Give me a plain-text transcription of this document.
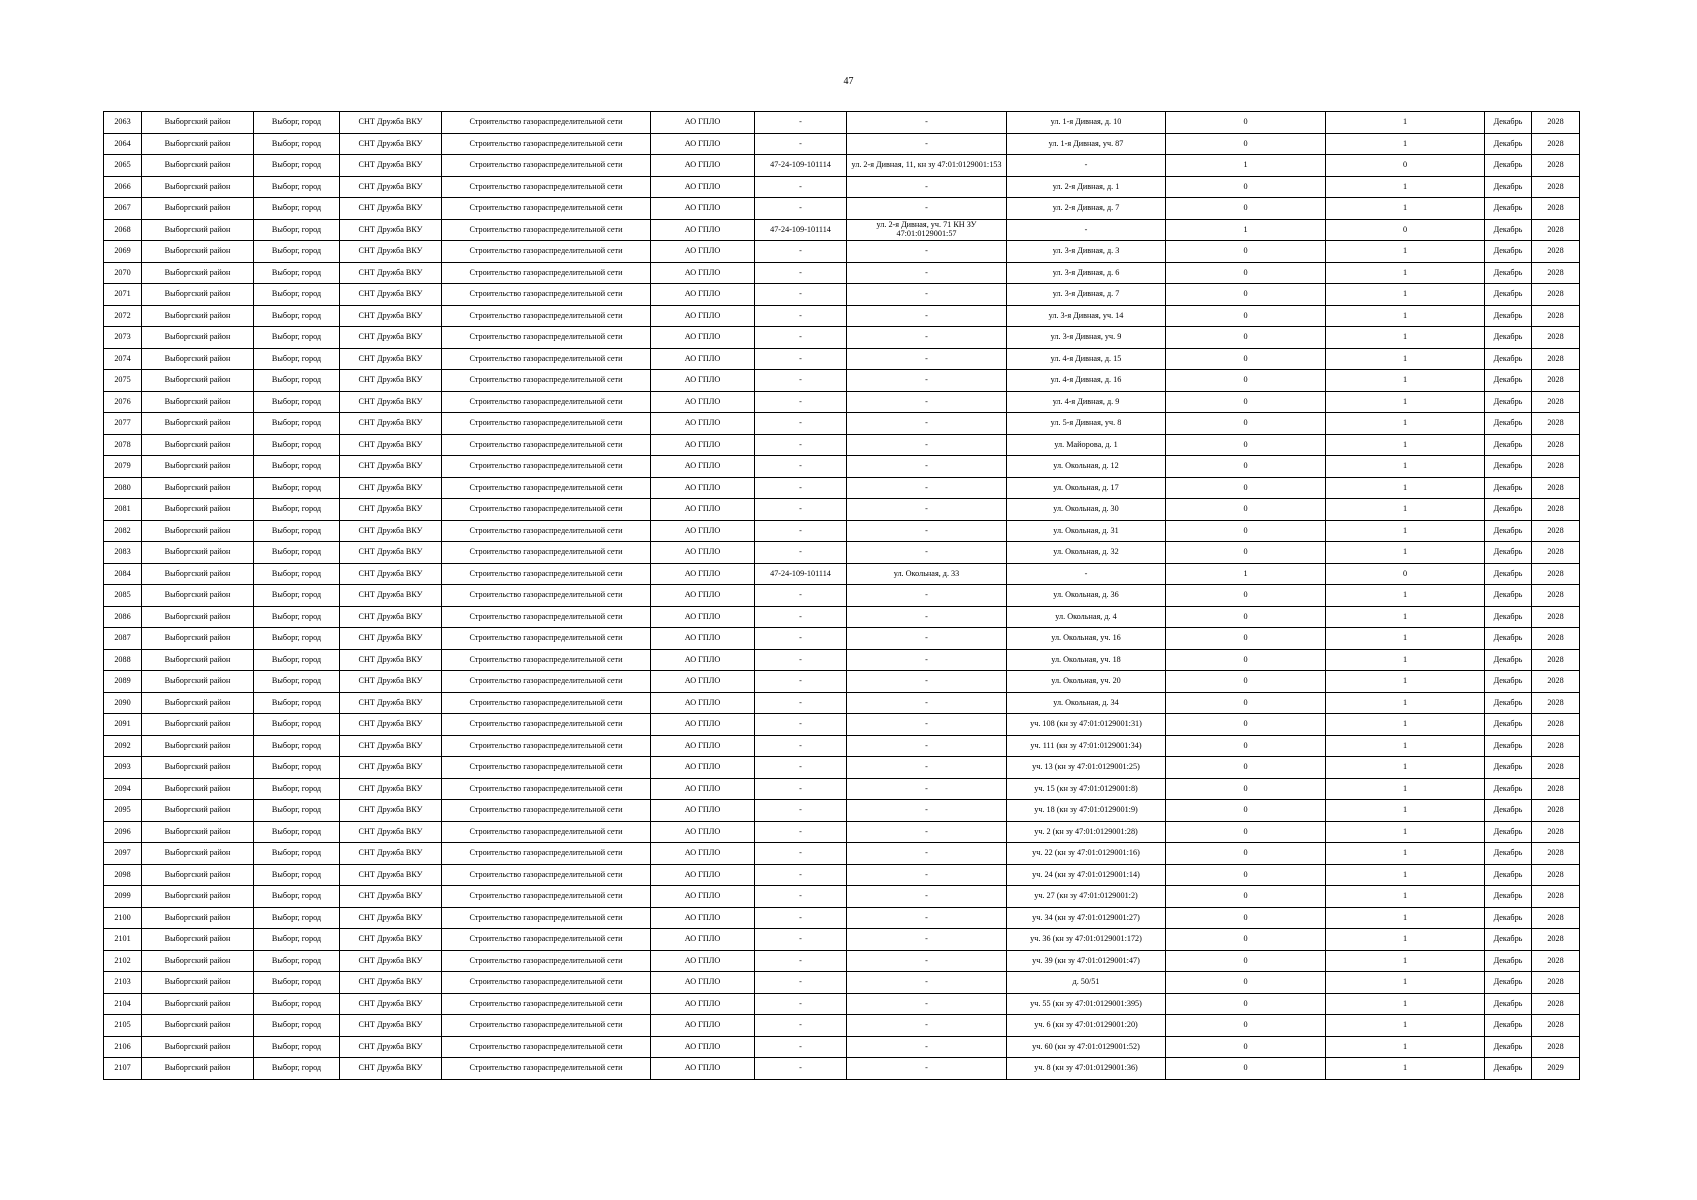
47
2063	Выборгский район	Выборг, город	СНТ Дружба ВКУ	Строительство газораспределительной сети	АО ГПЛО	-	-	ул. 1-я Дивная, д. 10	0	1	Декабрь	2028
2064	Выборгский район	Выборг, город	СНТ Дружба ВКУ	Строительство газораспределительной сети	АО ГПЛО	-	-	ул. 1-я Дивная, уч. 87	0	1	Декабрь	2028
2065	Выборгский район	Выборг, город	СНТ Дружба ВКУ	Строительство газораспределительной сети	АО ГПЛО	47-24-109-101114	ул. 2-я Дивная, 11, кн зу 47:01:0129001:153	-	1	0	Декабрь	2028
2066	Выборгский район	Выборг, город	СНТ Дружба ВКУ	Строительство газораспределительной сети	АО ГПЛО	-	-	ул. 2-я Дивная, д. 1	0	1	Декабрь	2028
2067	Выборгский район	Выборг, город	СНТ Дружба ВКУ	Строительство газораспределительной сети	АО ГПЛО	-	-	ул. 2-я Дивная, д. 7	0	1	Декабрь	2028
2068	Выборгский район	Выборг, город	СНТ Дружба ВКУ	Строительство газораспределительной сети	АО ГПЛО	47-24-109-101114	ул. 2-я Дивная, уч. 71 КН ЗУ 47:01:0129001:57	-	1	0	Декабрь	2028
2069	Выборгский район	Выборг, город	СНТ Дружба ВКУ	Строительство газораспределительной сети	АО ГПЛО	-	-	ул. 3-я Дивная, д. 3	0	1	Декабрь	2028
2070	Выборгский район	Выборг, город	СНТ Дружба ВКУ	Строительство газораспределительной сети	АО ГПЛО	-	-	ул. 3-я Дивная, д. 6	0	1	Декабрь	2028
2071	Выборгский район	Выборг, город	СНТ Дружба ВКУ	Строительство газораспределительной сети	АО ГПЛО	-	-	ул. 3-я Дивная, д. 7	0	1	Декабрь	2028
2072	Выборгский район	Выборг, город	СНТ Дружба ВКУ	Строительство газораспределительной сети	АО ГПЛО	-	-	ул. 3-я Дивная, уч. 14	0	1	Декабрь	2028
2073	Выборгский район	Выборг, город	СНТ Дружба ВКУ	Строительство газораспределительной сети	АО ГПЛО	-	-	ул. 3-я Дивная, уч. 9	0	1	Декабрь	2028
2074	Выборгский район	Выборг, город	СНТ Дружба ВКУ	Строительство газораспределительной сети	АО ГПЛО	-	-	ул. 4-я Дивная, д. 15	0	1	Декабрь	2028
2075	Выборгский район	Выборг, город	СНТ Дружба ВКУ	Строительство газораспределительной сети	АО ГПЛО	-	-	ул. 4-я Дивная, д. 16	0	1	Декабрь	2028
2076	Выборгский район	Выборг, город	СНТ Дружба ВКУ	Строительство газораспределительной сети	АО ГПЛО	-	-	ул. 4-я Дивная, д. 9	0	1	Декабрь	2028
2077	Выборгский район	Выборг, город	СНТ Дружба ВКУ	Строительство газораспределительной сети	АО ГПЛО	-	-	ул. 5-я Дивная, уч. 8	0	1	Декабрь	2028
2078	Выборгский район	Выборг, город	СНТ Дружба ВКУ	Строительство газораспределительной сети	АО ГПЛО	-	-	ул. Майорова, д. 1	0	1	Декабрь	2028
2079	Выборгский район	Выборг, город	СНТ Дружба ВКУ	Строительство газораспределительной сети	АО ГПЛО	-	-	ул. Окольная, д. 12	0	1	Декабрь	2028
2080	Выборгский район	Выборг, город	СНТ Дружба ВКУ	Строительство газораспределительной сети	АО ГПЛО	-	-	ул. Окольная, д. 17	0	1	Декабрь	2028
2081	Выборгский район	Выборг, город	СНТ Дружба ВКУ	Строительство газораспределительной сети	АО ГПЛО	-	-	ул. Окольная, д. 30	0	1	Декабрь	2028
2082	Выборгский район	Выборг, город	СНТ Дружба ВКУ	Строительство газораспределительной сети	АО ГПЛО	-	-	ул. Окольная, д. 31	0	1	Декабрь	2028
2083	Выборгский район	Выборг, город	СНТ Дружба ВКУ	Строительство газораспределительной сети	АО ГПЛО	-	-	ул. Окольная, д. 32	0	1	Декабрь	2028
2084	Выборгский район	Выборг, город	СНТ Дружба ВКУ	Строительство газораспределительной сети	АО ГПЛО	47-24-109-101114	ул. Окольная, д. 33	-	1	0	Декабрь	2028
2085	Выборгский район	Выборг, город	СНТ Дружба ВКУ	Строительство газораспределительной сети	АО ГПЛО	-	-	ул. Окольная, д. 36	0	1	Декабрь	2028
2086	Выборгский район	Выборг, город	СНТ Дружба ВКУ	Строительство газораспределительной сети	АО ГПЛО	-	-	ул. Окольная, д. 4	0	1	Декабрь	2028
2087	Выборгский район	Выборг, город	СНТ Дружба ВКУ	Строительство газораспределительной сети	АО ГПЛО	-	-	ул. Окольная, уч. 16	0	1	Декабрь	2028
2088	Выборгский район	Выборг, город	СНТ Дружба ВКУ	Строительство газораспределительной сети	АО ГПЛО	-	-	ул. Окольная, уч. 18	0	1	Декабрь	2028
2089	Выборгский район	Выборг, город	СНТ Дружба ВКУ	Строительство газораспределительной сети	АО ГПЛО	-	-	ул. Окольная, уч. 20	0	1	Декабрь	2028
2090	Выборгский район	Выборг, город	СНТ Дружба ВКУ	Строительство газораспределительной сети	АО ГПЛО	-	-	ул. Окольная, д. 34	0	1	Декабрь	2028
2091	Выборгский район	Выборг, город	СНТ Дружба ВКУ	Строительство газораспределительной сети	АО ГПЛО	-	-	уч. 108 (кн зу 47:01:0129001:31)	0	1	Декабрь	2028
2092	Выборгский район	Выборг, город	СНТ Дружба ВКУ	Строительство газораспределительной сети	АО ГПЛО	-	-	уч. 111 (кн зу 47:01:0129001:34)	0	1	Декабрь	2028
2093	Выборгский район	Выборг, город	СНТ Дружба ВКУ	Строительство газораспределительной сети	АО ГПЛО	-	-	уч. 13 (кн зу 47:01:0129001:25)	0	1	Декабрь	2028
2094	Выборгский район	Выборг, город	СНТ Дружба ВКУ	Строительство газораспределительной сети	АО ГПЛО	-	-	уч. 15 (кн зу 47:01:0129001:8)	0	1	Декабрь	2028
2095	Выборгский район	Выборг, город	СНТ Дружба ВКУ	Строительство газораспределительной сети	АО ГПЛО	-	-	уч. 18 (кн зу 47:01:0129001:9)	0	1	Декабрь	2028
2096	Выборгский район	Выборг, город	СНТ Дружба ВКУ	Строительство газораспределительной сети	АО ГПЛО	-	-	уч. 2 (кн зу 47:01:0129001:28)	0	1	Декабрь	2028
2097	Выборгский район	Выборг, город	СНТ Дружба ВКУ	Строительство газораспределительной сети	АО ГПЛО	-	-	уч. 22 (кн зу 47:01:0129001:16)	0	1	Декабрь	2028
2098	Выборгский район	Выборг, город	СНТ Дружба ВКУ	Строительство газораспределительной сети	АО ГПЛО	-	-	уч. 24 (кн зу 47:01:0129001:14)	0	1	Декабрь	2028
2099	Выборгский район	Выборг, город	СНТ Дружба ВКУ	Строительство газораспределительной сети	АО ГПЛО	-	-	уч. 27 (кн зу 47:01:0129001:2)	0	1	Декабрь	2028
2100	Выборгский район	Выборг, город	СНТ Дружба ВКУ	Строительство газораспределительной сети	АО ГПЛО	-	-	уч. 34 (кн зу 47:01:0129001:27)	0	1	Декабрь	2028
2101	Выборгский район	Выборг, город	СНТ Дружба ВКУ	Строительство газораспределительной сети	АО ГПЛО	-	-	уч. 36 (кн зу 47:01:0129001:172)	0	1	Декабрь	2028
2102	Выборгский район	Выборг, город	СНТ Дружба ВКУ	Строительство газораспределительной сети	АО ГПЛО	-	-	уч. 39 (кн зу 47:01:0129001:47)	0	1	Декабрь	2028
2103	Выборгский район	Выборг, город	СНТ Дружба ВКУ	Строительство газораспределительной сети	АО ГПЛО	-	-	д. 50/51	0	1	Декабрь	2028
2104	Выборгский район	Выборг, город	СНТ Дружба ВКУ	Строительство газораспределительной сети	АО ГПЛО	-	-	уч. 55 (кн зу 47:01:0129001:395)	0	1	Декабрь	2028
2105	Выборгский район	Выборг, город	СНТ Дружба ВКУ	Строительство газораспределительной сети	АО ГПЛО	-	-	уч. 6 (кн зу 47:01:0129001:20)	0	1	Декабрь	2028
2106	Выборгский район	Выборг, город	СНТ Дружба ВКУ	Строительство газораспределительной сети	АО ГПЛО	-	-	уч. 60 (кн зу 47:01:0129001:52)	0	1	Декабрь	2028
2107	Выборгский район	Выборг, город	СНТ Дружба ВКУ	Строительство газораспределительной сети	АО ГПЛО	-	-	уч. 8 (кн зу 47:01:0129001:36)	0	1	Декабрь	2029
